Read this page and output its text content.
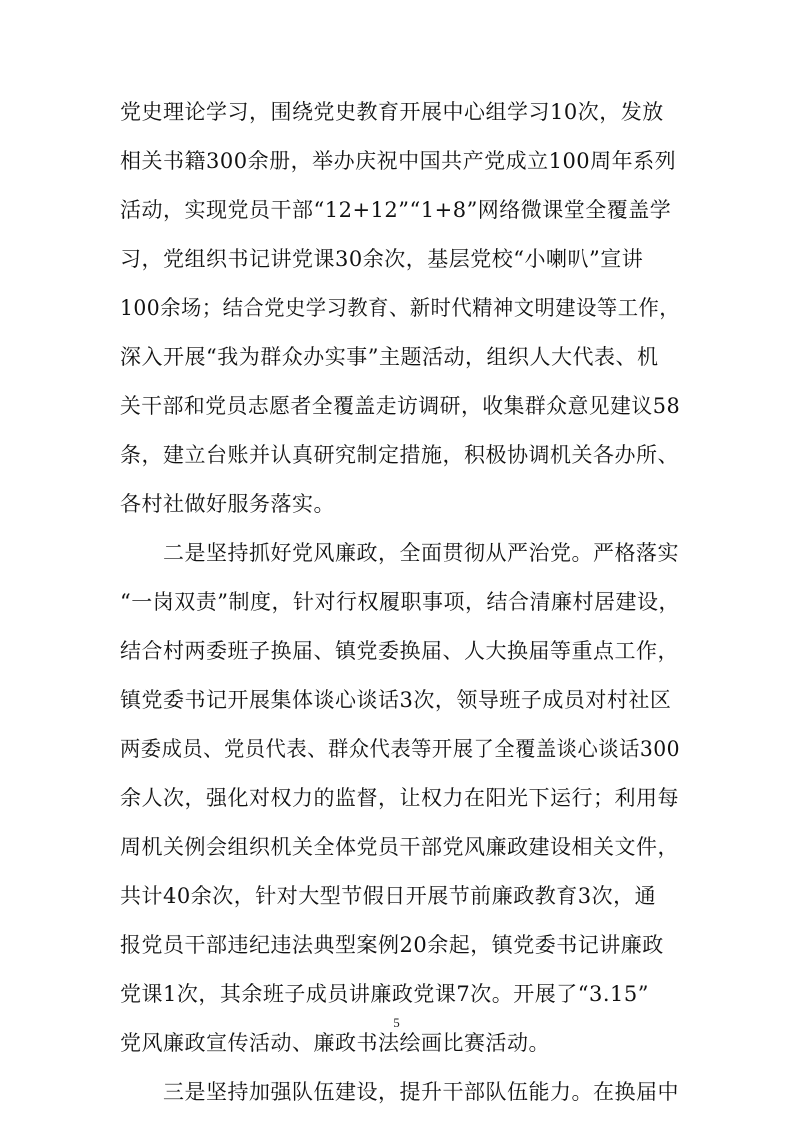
党史理论学习，围绕党史教育开展中心组学习10次，发放
相关书籍300余册，举办庆祝中国共产党成立100周年系列
活动，实现党员干部“12+12”“1+8”网络微课堂全覆盖学
习，党组织书记讲党课30余次，基层党校“小喇叭”宣讲
100余场；结合党史学习教育、新时代精神文明建设等工作，
深入开展“我为群众办实事”主题活动，组织人大代表、机
关干部和党员志愿者全覆盖走访调研，收集群众意见建议58
条，建立台账并认真研究制定措施，积极协调机关各办所、
各村社做好服务落实。
　　二是坚持抓好党风廉政，全面贯彻从严治党。严格落实
“一岗双责”制度，针对行权履职事项，结合清廉村居建设，
结合村两委班子换届、镇党委换届、人大换届等重点工作，
镇党委书记开展集体谈心谈话3次，领导班子成员对村社区
两委成员、党员代表、群众代表等开展了全覆盖谈心谈话300
余人次，强化对权力的监督，让权力在阳光下运行；利用每
周机关例会组织机关全体党员干部党风廉政建设相关文件，
共计40余次，针对大型节假日开展节前廉政教育3次，通
报党员干部违纪违法典型案例20余起，镇党委书记讲廉政
党课1次，其余班子成员讲廉政党课7次。开展了“3.15”
党风廉政宣传活动、廉政书法绘画比赛活动。
　　三是坚持加强队伍建设，提升干部队伍能力。在换届中
5
